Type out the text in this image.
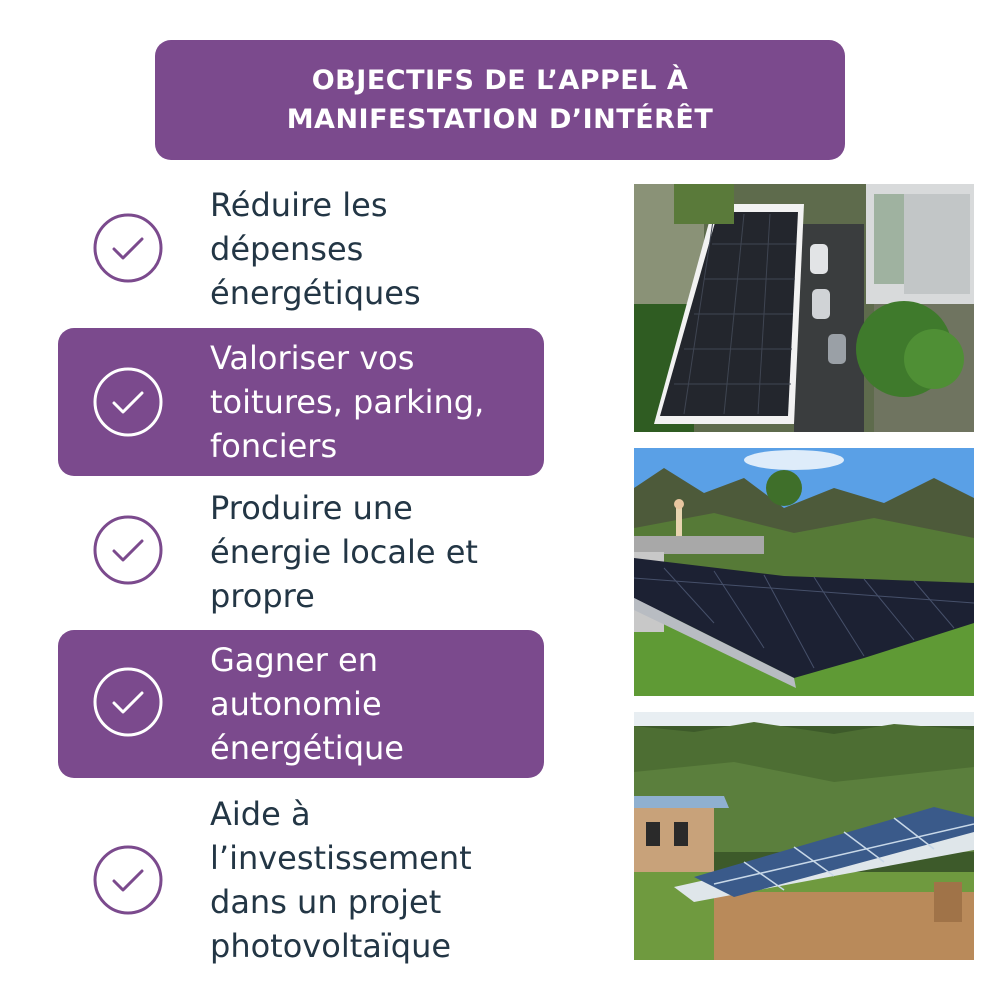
OBJECTIFS DE L’APPEL À
MANIFESTATION D’INTÉRÊT
Réduire les
dépenses
énergétiques
Valoriser vos
toitures, parking,
fonciers
Produire une
énergie locale et
propre
Gagner en
autonomie
énergétique
Aide à
l’investissement
dans un projet
photovoltaïque
